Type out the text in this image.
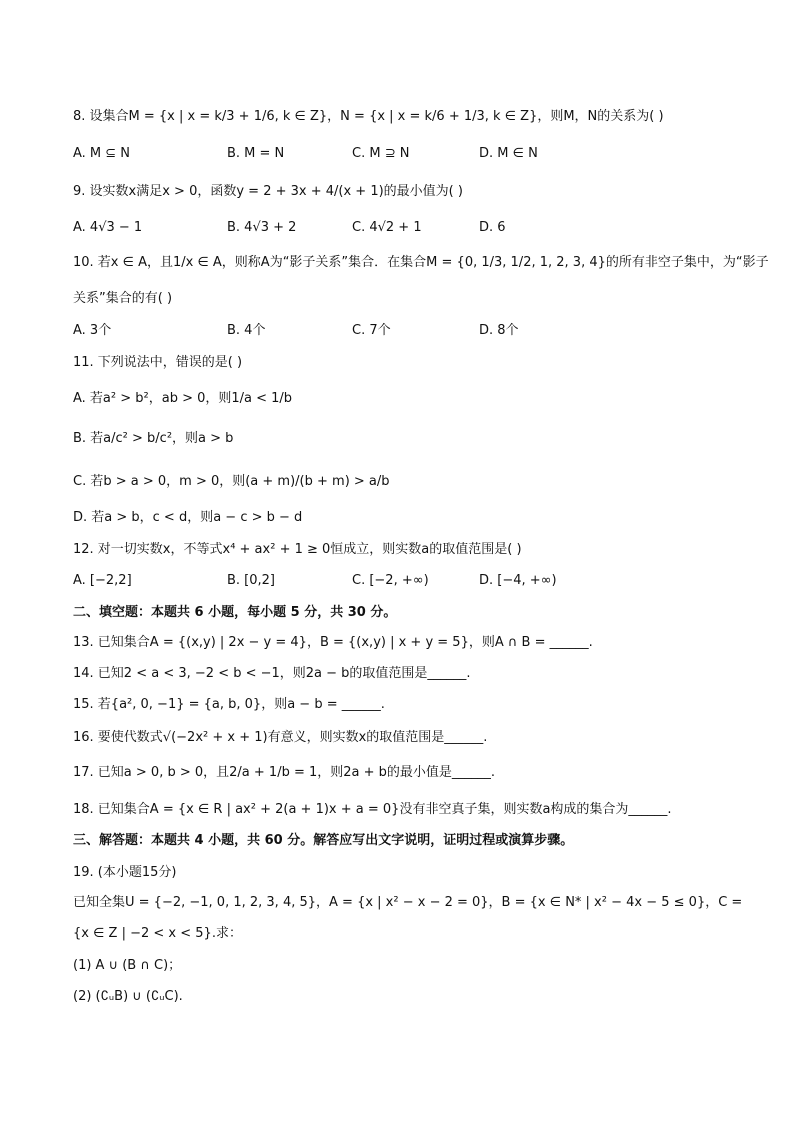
8. 设集合M = {x | x = k/3 + 1/6, k ∈ Z}，N = {x | x = k/6 + 1/3, k ∈ Z}，则M，N的关系为( )
A. M ⊆ N	B. M = N	C. M ⊇ N	D. M ∈ N
9. 设实数x满足x > 0，函数y = 2 + 3x + 4/(x + 1)的最小值为( )
A. 4√3 − 1	B. 4√3 + 2	C. 4√2 + 1	D. 6
10. 若x ∈ A，且1/x ∈ A，则称A为“影子关系”集合．在集合M = {0, 1/3, 1/2, 1, 2, 3, 4}的所有非空子集中，为“影子
关系”集合的有( )
A. 3个	B. 4个	C. 7个	D. 8个
11. 下列说法中，错误的是( )
A. 若a² > b²，ab > 0，则1/a < 1/b
B. 若a/c² > b/c²，则a > b
C. 若b > a > 0，m > 0，则(a + m)/(b + m) > a/b
D. 若a > b，c < d，则a − c > b − d
12. 对一切实数x，不等式x⁴ + ax² + 1 ≥ 0恒成立，则实数a的取值范围是( )
A. [−2,2]	B. [0,2]	C. [−2, +∞)	D. [−4, +∞)
二、填空题：本题共 6 小题，每小题 5 分，共 30 分。
13. 已知集合A = {(x,y) | 2x − y = 4}，B = {(x,y) | x + y = 5}，则A ∩ B = ______.
14. 已知2 < a < 3, −2 < b < −1，则2a − b的取值范围是______.
15. 若{a², 0, −1} = {a, b, 0}，则a − b = ______.
16. 要使代数式√(−2x² + x + 1)有意义，则实数x的取值范围是______.
17. 已知a > 0, b > 0，且2/a + 1/b = 1，则2a + b的最小值是______.
18. 已知集合A = {x ∈ R | ax² + 2(a + 1)x + a = 0}没有非空真子集，则实数a构成的集合为______.
三、解答题：本题共 4 小题，共 60 分。解答应写出文字说明，证明过程或演算步骤。
19. (本小题15分)
已知全集U = {−2, −1, 0, 1, 2, 3, 4, 5}，A = {x | x² − x − 2 = 0}，B = {x ∈ N* | x² − 4x − 5 ≤ 0}，C =
{x ∈ Z | −2 < x < 5}.求：
(1) A ∪ (B ∩ C)；
(2) (∁ᵤB) ∪ (∁ᵤC).
